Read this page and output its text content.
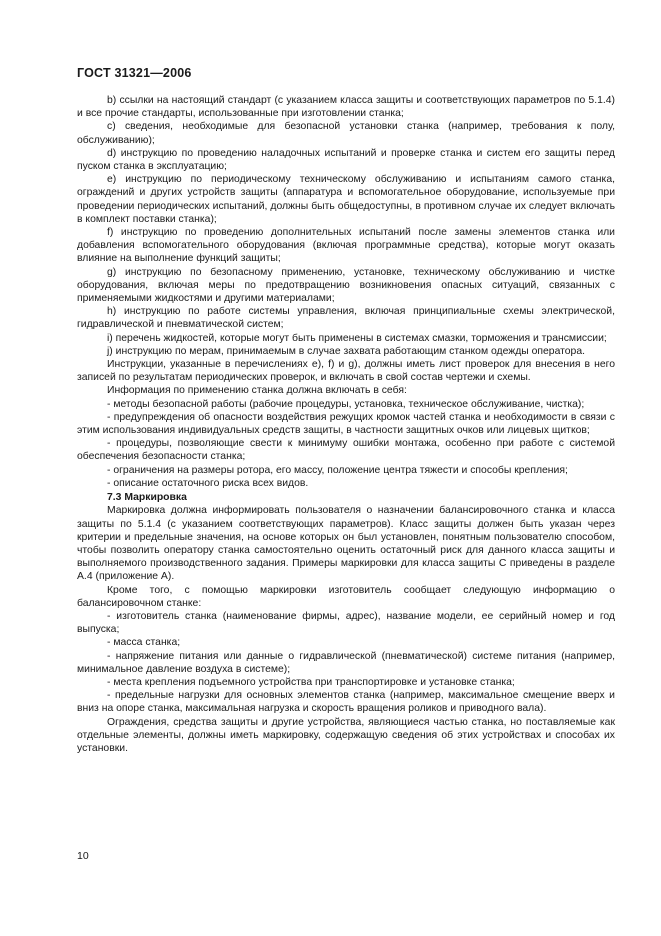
ГОСТ 31321—2006

b) ссылки на настоящий стандарт (с указанием класса защиты и соответствующих параметров по 5.1.4) и все прочие стандарты, использованные при изготовлении станка;

c) сведения, необходимые для безопасной установки станка (например, требования к полу, обслуживанию);

d) инструкцию по проведению наладочных испытаний и проверке станка и систем его защиты перед пуском станка в эксплуатацию;

e) инструкцию по периодическому техническому обслуживанию и испытаниям самого станка, ограждений и других устройств защиты (аппаратура и вспомогательное оборудование, используемые при проведении периодических испытаний, должны быть общедоступны, в противном случае их следует включать в комплект поставки станка);

f) инструкцию по проведению дополнительных испытаний после замены элементов станка или добавления вспомогательного оборудования (включая программные средства), которые могут оказать влияние на выполнение функций защиты;

g) инструкцию по безопасному применению, установке, техническому обслуживанию и чистке оборудования, включая меры по предотвращению возникновения опасных ситуаций, связанных с применяемыми жидкостями и другими материалами;

h) инструкцию по работе системы управления, включая принципиальные схемы электрической, гидравлической и пневматической систем;

i) перечень жидкостей, которые могут быть применены в системах смазки, торможения и трансмиссии;

j) инструкцию по мерам, принимаемым в случае захвата работающим станком одежды оператора.

Инструкции, указанные в перечислениях e), f) и g), должны иметь лист проверок для внесения в него записей по результатам периодических проверок, и включать в свой состав чертежи и схемы.

Информация по применению станка должна включать в себя:

- методы безопасной работы (рабочие процедуры, установка, техническое обслуживание, чистка);

- предупреждения об опасности воздействия режущих кромок частей станка и необходимости в связи с этим использования индивидуальных средств защиты, в частности защитных очков или лицевых щитков;

- процедуры, позволяющие свести к минимуму ошибки монтажа, особенно при работе с системой обеспечения безопасности станка;

- ограничения на размеры ротора, его массу, положение центра тяжести и способы крепления;

- описание остаточного риска всех видов.

7.3 Маркировка

Маркировка должна информировать пользователя о назначении балансировочного станка и класса защиты по 5.1.4 (с указанием соответствующих параметров). Класс защиты должен быть указан через критерии и предельные значения, на основе которых он был установлен, понятным пользователю способом, чтобы позволить оператору станка самостоятельно оценить остаточный риск для данного класса защиты и выполняемого производственного задания. Примеры маркировки для класса защиты С приведены в разделе А.4 (приложение А).

Кроме того, с помощью маркировки изготовитель сообщает следующую информацию о балансировочном станке:

- изготовитель станка (наименование фирмы, адрес), название модели, ее серийный номер и год выпуска;

- масса станка;

- напряжение питания или данные о гидравлической (пневматической) системе питания (например, минимальное давление воздуха в системе);

- места крепления подъемного устройства при транспортировке и установке станка;

- предельные нагрузки для основных элементов станка (например, максимальное смещение вверх и вниз на опоре станка, максимальная нагрузка и скорость вращения роликов и приводного вала).

Ограждения, средства защиты и другие устройства, являющиеся частью станка, но поставляемые как отдельные элементы, должны иметь маркировку, содержащую сведения об этих устройствах и способах их установки.

10
